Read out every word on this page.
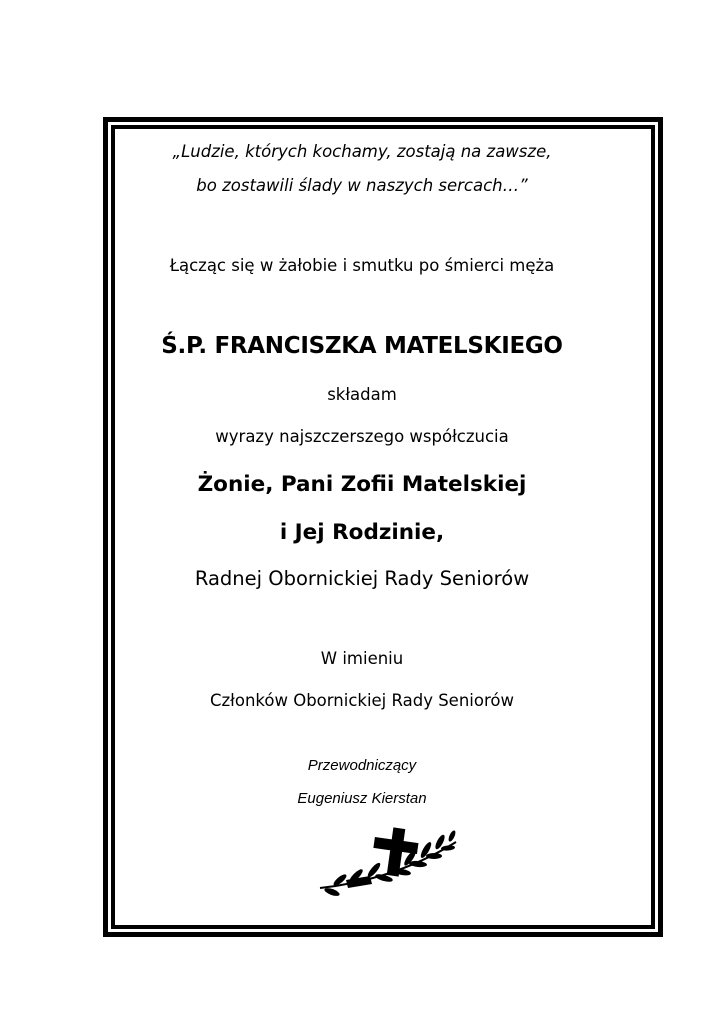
„Ludzie, których kochamy, zostają na zawsze,
bo zostawili ślady w naszych sercach…”
Łącząc się w żałobie i smutku po śmierci męża
Ś.P. FRANCISZKA MATELSKIEGO
składam
wyrazy najszczerszego współczucia
Żonie, Pani Zofii Matelskiej
i Jej Rodzinie,
Radnej Obornickiej Rady Seniorów
W imieniu
Członków Obornickiej Rady Seniorów
Przewodniczący
Eugeniusz Kierstan
